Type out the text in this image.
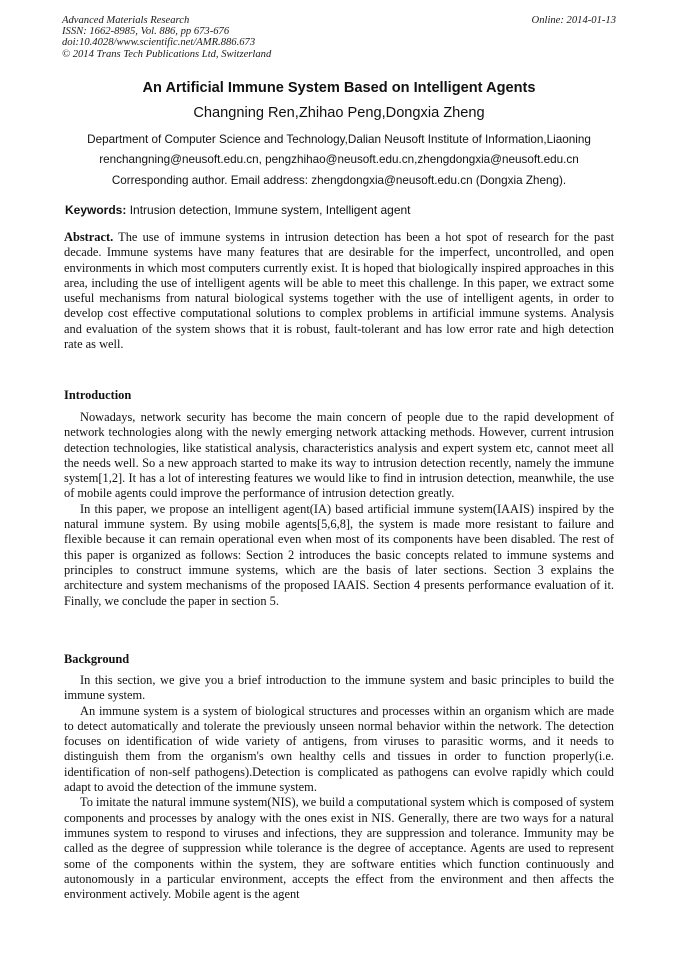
Advanced Materials Research
ISSN: 1662-8985, Vol. 886, pp 673-676
doi:10.4028/www.scientific.net/AMR.886.673
© 2014 Trans Tech Publications Ltd, Switzerland
Online: 2014-01-13
An Artificial Immune System Based on Intelligent Agents
Changning Ren,Zhihao Peng,Dongxia Zheng
Department of Computer Science and Technology,Dalian Neusoft Institute of Information,Liaoning
renchangning@neusoft.edu.cn, pengzhihao@neusoft.edu.cn,zhengdongxia@neusoft.edu.cn
Corresponding author. Email address: zhengdongxia@neusoft.edu.cn (Dongxia Zheng).
Keywords: Intrusion detection, Immune system, Intelligent agent

Abstract. The use of immune systems in intrusion detection has been a hot spot of research for the past decade. Immune systems have many features that are desirable for the imperfect, uncontrolled, and open environments in which most computers currently exist. It is hoped that biologically inspired approaches in this area, including the use of intelligent agents will be able to meet this challenge. In this paper, we extract some useful mechanisms from natural biological systems together with the use of intelligent agents, in order to develop cost effective computational solutions to complex problems in artificial immune systems. Analysis and evaluation of the system shows that it is robust, fault-tolerant and has low error rate and high detection rate as well.

Introduction

Nowadays, network security has become the main concern of people due to the rapid development of network technologies along with the newly emerging network attacking methods. However, current intrusion detection technologies, like statistical analysis, characteristics analysis and expert system etc, cannot meet all the needs well. So a new approach started to make its way to intrusion detection recently, namely the immune system[1,2]. It has a lot of interesting features we would like to find in intrusion detection, meanwhile, the use of mobile agents could improve the performance of intrusion detection greatly.

In this paper, we propose an intelligent agent(IA) based artificial immune system(IAAIS) inspired by the natural immune system. By using mobile agents[5,6,8], the system is made more resistant to failure and flexible because it can remain operational even when most of its components have been disabled. The rest of this paper is organized as follows: Section 2 introduces the basic concepts related to immune systems and principles to construct immune systems, which are the basis of later sections. Section 3 explains the architecture and system mechanisms of the proposed IAAIS. Section 4 presents performance evaluation of it. Finally, we conclude the paper in section 5.

Background

In this section, we give you a brief introduction to the immune system and basic principles to build the immune system.

An immune system is a system of biological structures and processes within an organism which are made to detect automatically and tolerate the previously unseen normal behavior within the network. The detection focuses on identification of wide variety of antigens, from viruses to parasitic worms, and it needs to distinguish them from the organism's own healthy cells and tissues in order to function properly(i.e. identification of non-self pathogens).Detection is complicated as pathogens can evolve rapidly which could adapt to avoid the detection of the immune system.

To imitate the natural immune system(NIS), we build a computational system which is composed of system components and processes by analogy with the ones exist in NIS. Generally, there are two ways for a natural immunes system to respond to viruses and infections, they are suppression and tolerance. Immunity may be called as the degree of suppression while tolerance is the degree of acceptance. Agents are used to represent some of the components within the system, they are software entities which function continuously and autonomously in a particular environment, accepts the effect from the environment and then affects the environment actively. Mobile agent is the agent
